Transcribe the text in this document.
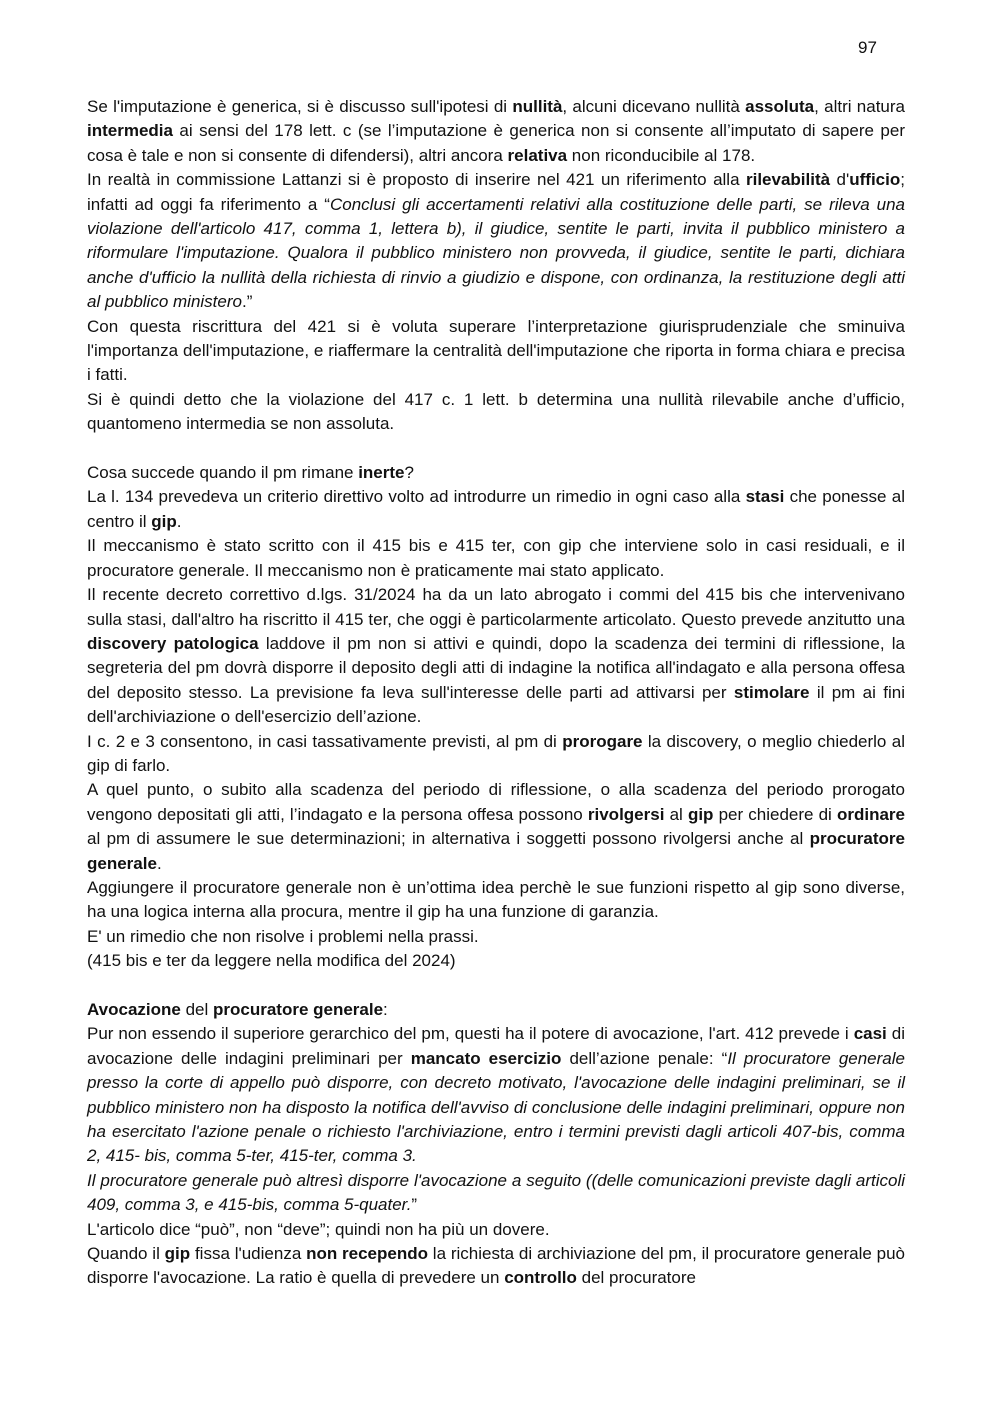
97

Se l'imputazione è generica, si è discusso sull'ipotesi di nullità, alcuni dicevano nullità assoluta, altri natura intermedia ai sensi del 178 lett. c (se l’imputazione è generica non si consente all’imputato di sapere per cosa è tale e non si consente di difendersi), altri ancora relativa non riconducibile al 178.

In realtà in commissione Lattanzi si è proposto di inserire nel 421 un riferimento alla rilevabilità d'ufficio; infatti ad oggi fa riferimento a “Conclusi gli accertamenti relativi alla costituzione delle parti, se rileva una violazione dell'articolo 417, comma 1, lettera b), il giudice, sentite le parti, invita il pubblico ministero a riformulare l'imputazione. Qualora il pubblico ministero non provveda, il giudice, sentite le parti, dichiara anche d'ufficio la nullità della richiesta di rinvio a giudizio e dispone, con ordinanza, la restituzione degli atti al pubblico ministero.”

Con questa riscrittura del 421 si è voluta superare l’interpretazione giurisprudenziale che sminuiva l'importanza dell'imputazione, e riaffermare la centralità dell'imputazione che riporta in forma chiara e precisa i fatti.

Si è quindi detto che la violazione del 417 c. 1 lett. b determina una nullità rilevabile anche d’ufficio, quantomeno intermedia se non assoluta.

Cosa succede quando il pm rimane inerte?

La l. 134 prevedeva un criterio direttivo volto ad introdurre un rimedio in ogni caso alla stasi che ponesse al centro il gip.

Il meccanismo è stato scritto con il 415 bis e 415 ter, con gip che interviene solo in casi residuali, e il procuratore generale. Il meccanismo non è praticamente mai stato applicato.

Il recente decreto correttivo d.lgs. 31/2024 ha da un lato abrogato i commi del 415 bis che intervenivano sulla stasi, dall'altro ha riscritto il 415 ter, che oggi è particolarmente articolato. Questo prevede anzitutto una discovery patologica laddove il pm non si attivi e quindi, dopo la scadenza dei termini di riflessione, la segreteria del pm dovrà disporre il deposito degli atti di indagine la notifica all'indagato e alla persona offesa del deposito stesso. La previsione fa leva sull'interesse delle parti ad attivarsi per stimolare il pm ai fini dell'archiviazione o dell'esercizio dell’azione.

I c. 2 e 3 consentono, in casi tassativamente previsti, al pm di prorogare la discovery, o meglio chiederlo al gip di farlo.

A quel punto, o subito alla scadenza del periodo di riflessione, o alla scadenza del periodo prorogato vengono depositati gli atti, l’indagato e la persona offesa possono rivolgersi al gip per chiedere di ordinare al pm di assumere le sue determinazioni; in alternativa i soggetti possono rivolgersi anche al procuratore generale.

Aggiungere il procuratore generale non è un’ottima idea perchè le sue funzioni rispetto al gip sono diverse, ha una logica interna alla procura, mentre il gip ha una funzione di garanzia.

E' un rimedio che non risolve i problemi nella prassi.

(415 bis e ter da leggere nella modifica del 2024)

Avocazione del procuratore generale:

Pur non essendo il superiore gerarchico del pm, questi ha il potere di avocazione, l'art. 412 prevede i casi di avocazione delle indagini preliminari per mancato esercizio dell’azione penale: “Il procuratore generale presso la corte di appello può disporre, con decreto motivato, l'avocazione delle indagini preliminari, se il pubblico ministero non ha disposto la notifica dell'avviso di conclusione delle indagini preliminari, oppure non ha esercitato l'azione penale o richiesto l'archiviazione, entro i termini previsti dagli articoli 407-bis, comma 2, 415- bis, comma 5-ter, 415-ter, comma 3.

Il procuratore generale può altresì disporre l'avocazione a seguito ((delle comunicazioni previste dagli articoli 409, comma 3, e 415-bis, comma 5-quater.”

L'articolo dice “può”, non “deve”; quindi non ha più un dovere.

Quando il gip fissa l'udienza non recependo la richiesta di archiviazione del pm, il procuratore generale può disporre l'avocazione. La ratio è quella di prevedere un controllo del procuratore
